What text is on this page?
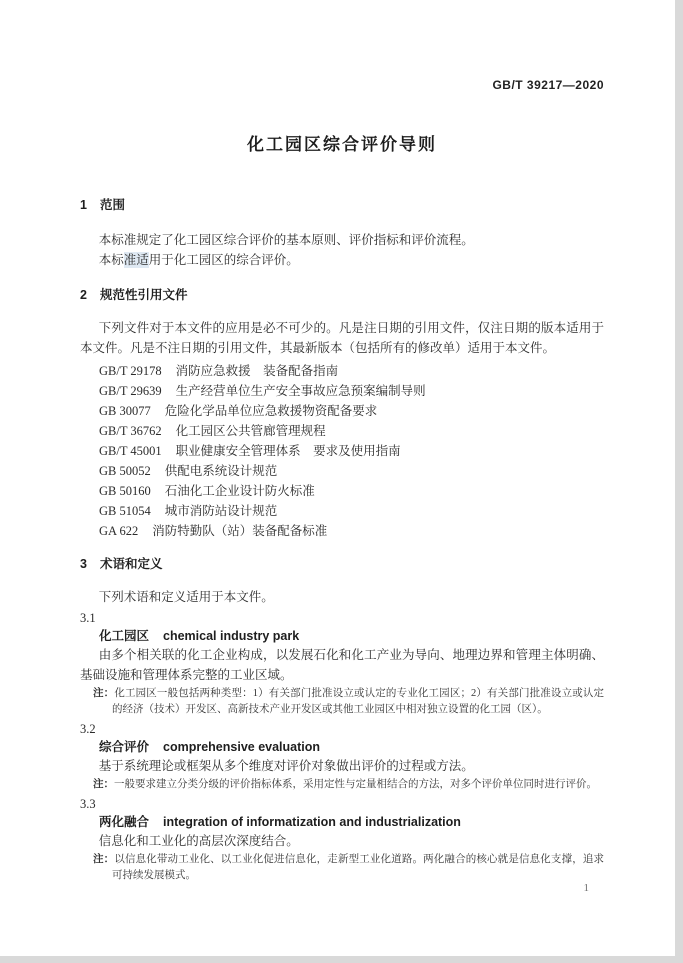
GB/T 39217—2020
化工园区综合评价导则
1 范围
本标准规定了化工园区综合评价的基本原则、评价指标和评价流程。
本标准适用于化工园区的综合评价。
2 规范性引用文件
下列文件对于本文件的应用是必不可少的。凡是注日期的引用文件，仅注日期的版本适用于本文件。凡是不注日期的引用文件，其最新版本（包括所有的修改单）适用于本文件。
GB/T 29178 消防应急救援　装备配备指南
GB/T 29639 生产经营单位生产安全事故应急预案编制导则
GB 30077 危险化学品单位应急救援物资配备要求
GB/T 36762 化工园区公共管廊管理规程
GB/T 45001 职业健康安全管理体系　要求及使用指南
GB 50052 供配电系统设计规范
GB 50160 石油化工企业设计防火标准
GB 51054 城市消防站设计规范
GA 622 消防特勤队（站）装备配备标准
3 术语和定义
下列术语和定义适用于本文件。
3.1
化工园区 chemical industry park
由多个相关联的化工企业构成，以发展石化和化工产业为导向、地理边界和管理主体明确、基础设施和管理体系完整的工业区域。
注：化工园区一般包括两种类型：1）有关部门批准设立或认定的专业化工园区；2）有关部门批准设立或认定的经济（技术）开发区、高新技术产业开发区或其他工业园区中相对独立设置的化工园（区）。
3.2
综合评价 comprehensive evaluation
基于系统理论或框架从多个维度对评价对象做出评价的过程或方法。
注：一般要求建立分类分级的评价指标体系，采用定性与定量相结合的方法，对多个评价单位同时进行评价。
3.3
两化融合 integration of informatization and industrialization
信息化和工业化的高层次深度结合。
注：以信息化带动工业化、以工业化促进信息化，走新型工业化道路。两化融合的核心就是信息化支撑，追求可持续发展模式。
1
